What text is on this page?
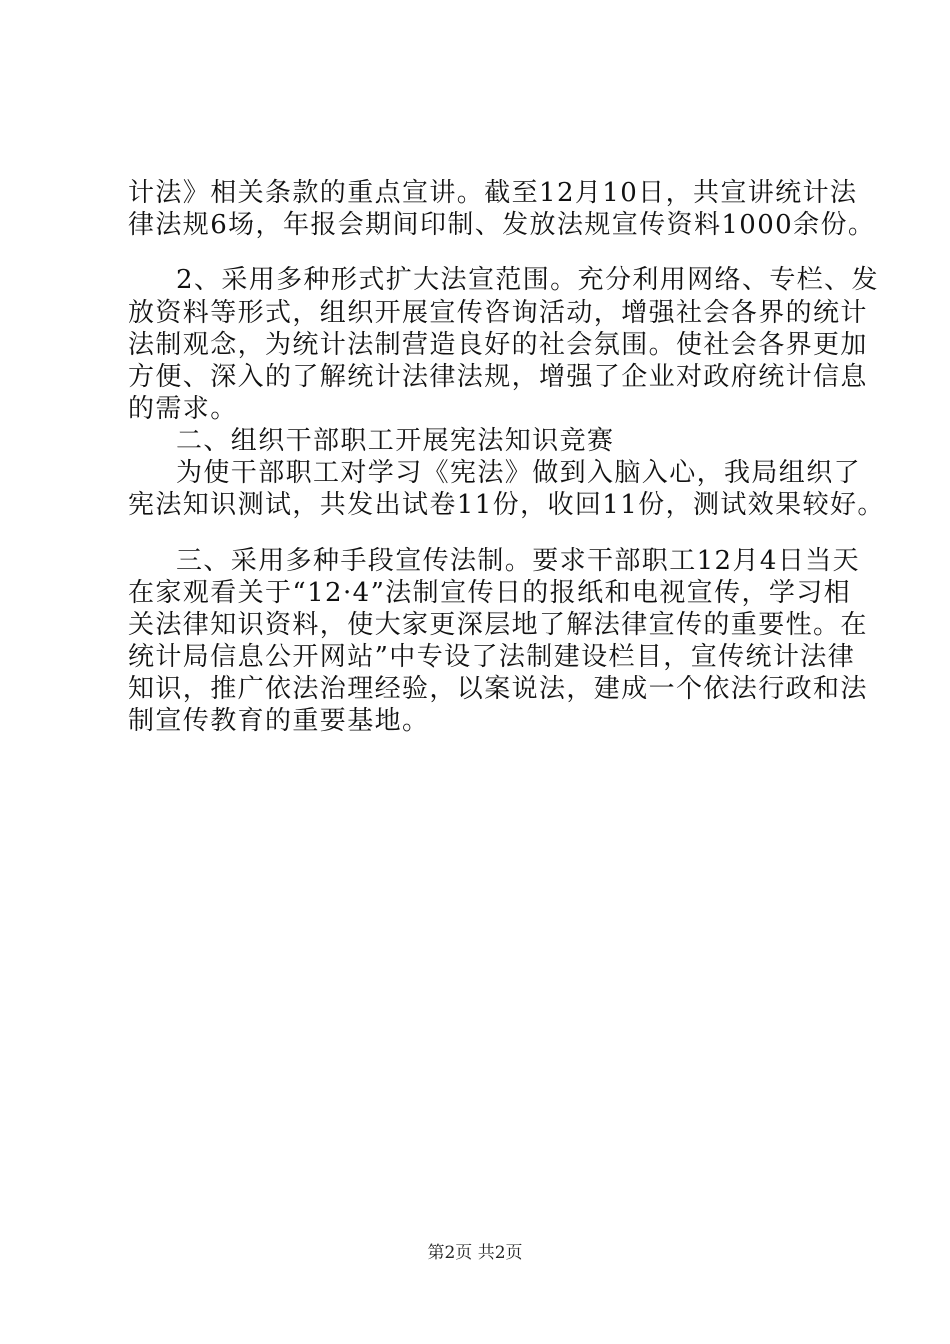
计法》相关条款的重点宣讲。截至12月10日，共宣讲统计法
律法规6场，年报会期间印制、发放法规宣传资料1000余份。
2、采用多种形式扩大法宣范围。充分利用网络、专栏、发
放资料等形式，组织开展宣传咨询活动，增强社会各界的统计
法制观念，为统计法制营造良好的社会氛围。使社会各界更加
方便、深入的了解统计法律法规，增强了企业对政府统计信息
的需求。
二、组织干部职工开展宪法知识竞赛
为使干部职工对学习《宪法》做到入脑入心，我局组织了
宪法知识测试，共发出试卷11份，收回11份，测试效果较好。
三、采用多种手段宣传法制。要求干部职工12月4日当天
在家观看关于“12·4”法制宣传日的报纸和电视宣传，学习相
关法律知识资料，使大家更深层地了解法律宣传的重要性。在
统计局信息公开网站”中专设了法制建设栏目，宣传统计法律
知识，推广依法治理经验，以案说法，建成一个依法行政和法
制宣传教育的重要基地。
第2页 共2页
